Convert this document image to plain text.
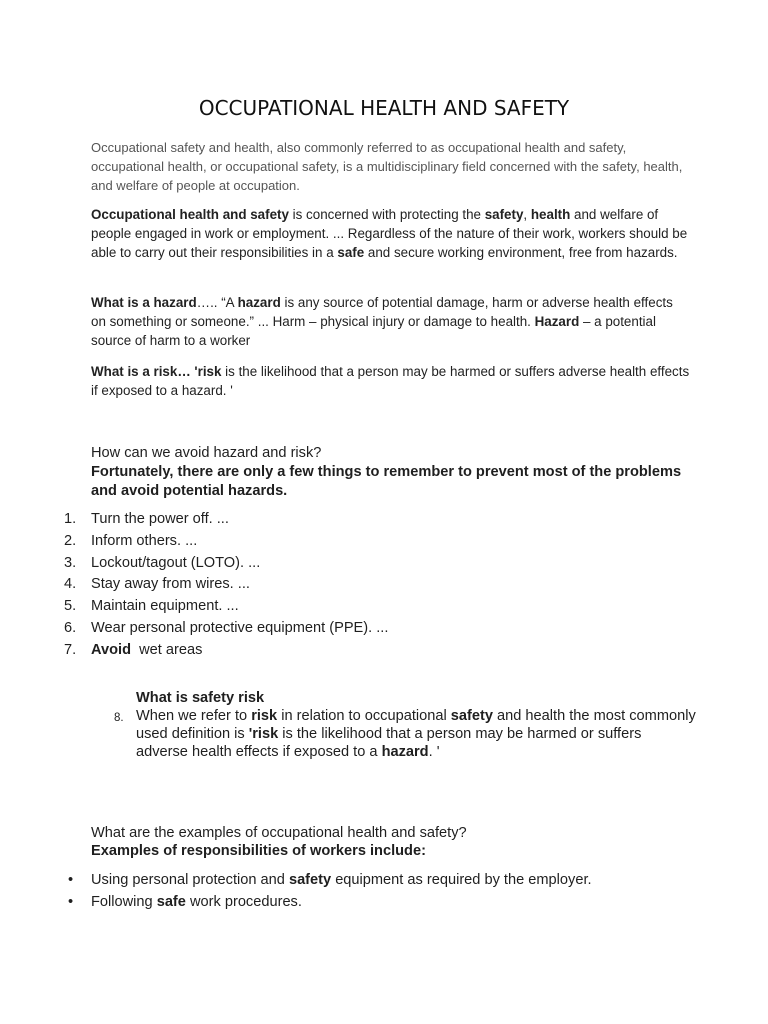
OCCUPATIONAL HEALTH AND SAFETY
Occupational safety and health, also commonly referred to as occupational health and safety, occupational health, or occupational safety, is a multidisciplinary field concerned with the safety, health, and welfare of people at occupation.
Occupational health and safety is concerned with protecting the safety, health and welfare of people engaged in work or employment. ... Regardless of the nature of their work, workers should be able to carry out their responsibilities in a safe and secure working environment, free from hazards.
What is a hazard….. “A hazard is any source of potential damage, harm or adverse health effects on something or someone.” ... Harm – physical injury or damage to health. Hazard – a potential source of harm to a worker
What is a risk… 'risk is the likelihood that a person may be harmed or suffers adverse health effects if exposed to a hazard. '
How can we avoid hazard and risk?
Fortunately, there are only a few things to remember to prevent most of the problems and avoid potential hazards.
1. Turn the power off. ...
2. Inform others. ...
3. Lockout/tagout (LOTO). ...
4. Stay away from wires. ...
5. Maintain equipment. ...
6. Wear personal protective equipment (PPE). ...
7. Avoid  wet areas
What is safety risk
8. When we refer to risk in relation to occupational safety and health the most commonly used definition is 'risk is the likelihood that a person may be harmed or suffers adverse health effects if exposed to a hazard. '
What are the examples of occupational health and safety?
Examples of responsibilities of workers include:
• Using personal protection and safety equipment as required by the employer.
• Following safe work procedures.
